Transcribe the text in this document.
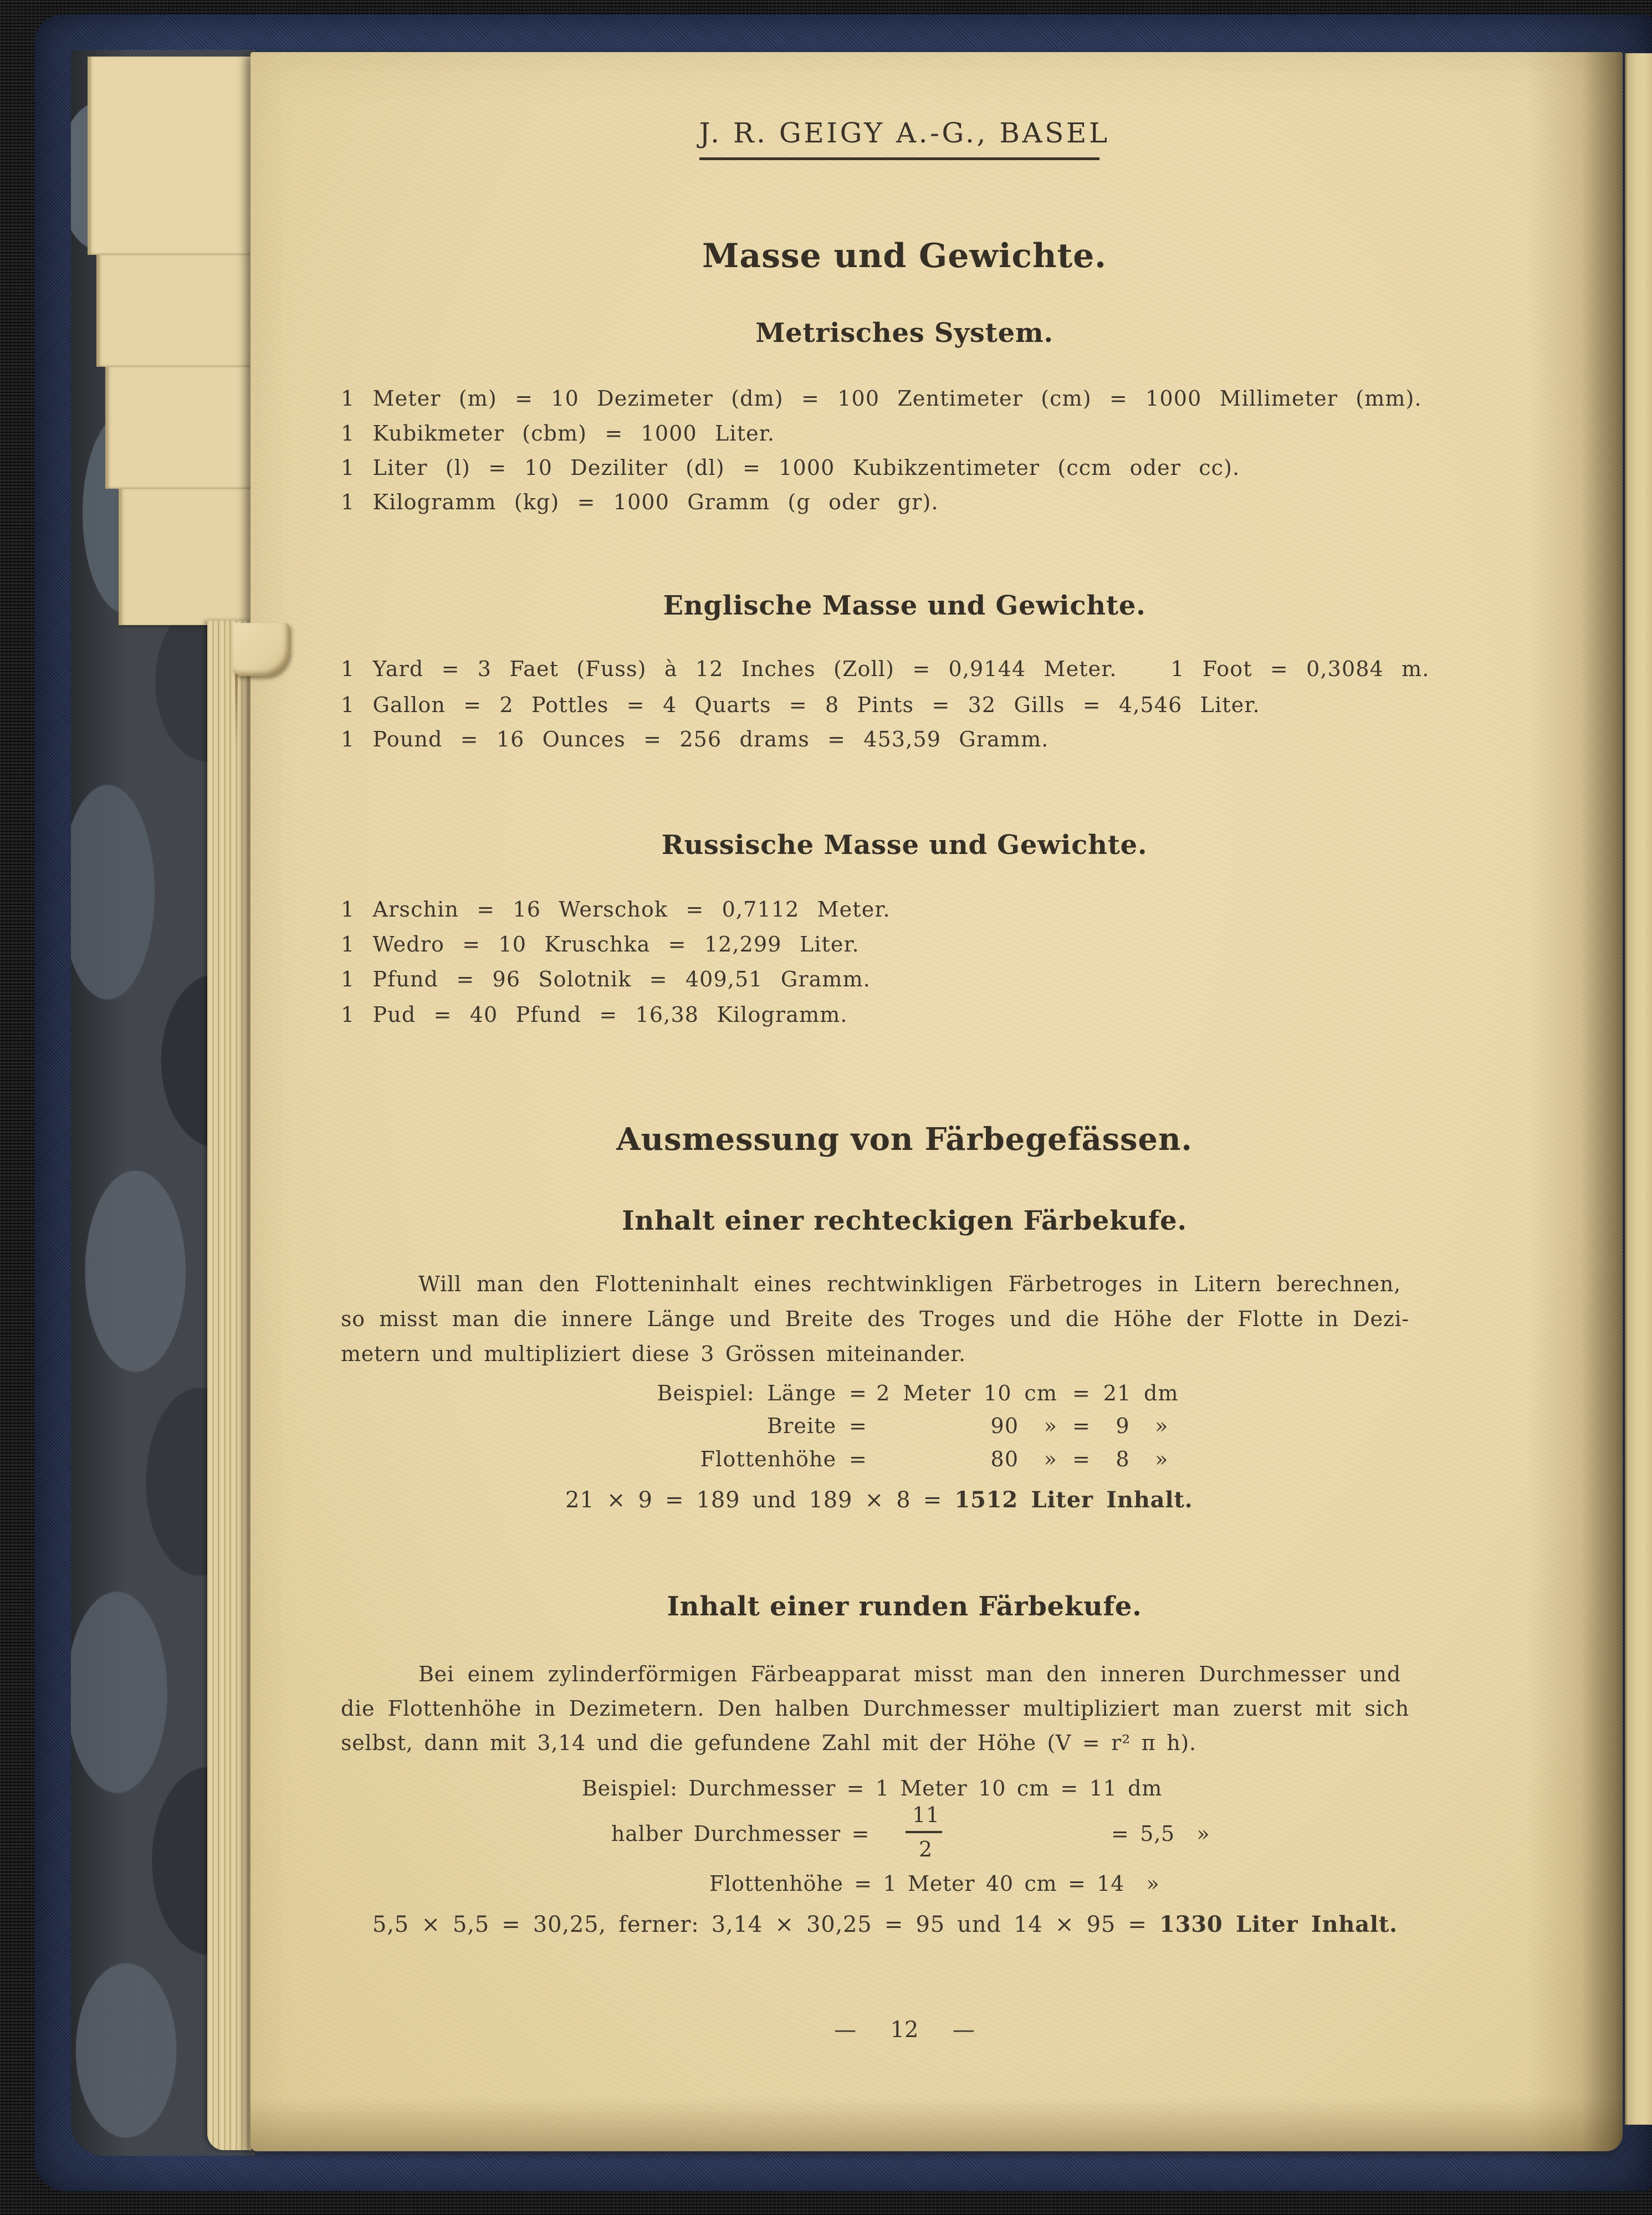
J. R. GEIGY A.-G., BASEL
Masse und Gewichte.
Metrisches System.
1 Meter (m) = 10 Dezimeter (dm) = 100 Zentimeter (cm) = 1000 Millimeter (mm).
1 Kubikmeter (cbm) = 1000 Liter.
1 Liter (l) = 10 Deziliter (dl) = 1000 Kubikzentimeter (ccm oder cc).
1 Kilogramm (kg) = 1000 Gramm (g oder gr).
Englische Masse und Gewichte.
1 Yard = 3 Faet (Fuss) à 12 Inches (Zoll) = 0,9144 Meter.   1 Foot = 0,3084 m.
1 Gallon = 2 Pottles = 4 Quarts = 8 Pints = 32 Gills = 4,546 Liter.
1 Pound = 16 Ounces = 256 drams = 453,59 Gramm.
Russische Masse und Gewichte.
1 Arschin = 16 Werschok = 0,7112 Meter.
1 Wedro = 10 Kruschka = 12,299 Liter.
1 Pfund = 96 Solotnik = 409,51 Gramm.
1 Pud = 40 Pfund = 16,38 Kilogramm.
Ausmessung von Färbegefässen.
Inhalt einer rechteckigen Färbekufe.
Will man den Flotteninhalt eines rechtwinkligen Färbetroges in Litern berechnen,
so misst man die innere Länge und Breite des Troges und die Höhe der Flotte in Dezi-
metern und multipliziert diese 3 Grössen miteinander.
Beispiel: Länge = 2 Meter 10 cm = 21 dm
Breite =	90  » =  9  »
Flottenhöhe =	80  » =  8  »
21 × 9 = 189 und 189 × 8 = 1512 Liter Inhalt.
Inhalt einer runden Färbekufe.
Bei einem zylinderförmigen Färbeapparat misst man den inneren Durchmesser und
die Flottenhöhe in Dezimetern. Den halben Durchmesser multipliziert man zuerst mit sich
selbst, dann mit 3,14 und die gefundene Zahl mit der Höhe (V = r² π h).
Beispiel: Durchmesser = 1 Meter 10 cm = 11 dm
halber Durchmesser =
11
2
= 5,5  »
Flottenhöhe = 1 Meter 40 cm = 14  »
5,5 × 5,5 = 30,25, ferner: 3,14 × 30,25 = 95 und 14 × 95 = 1330 Liter Inhalt.
—  12  —
